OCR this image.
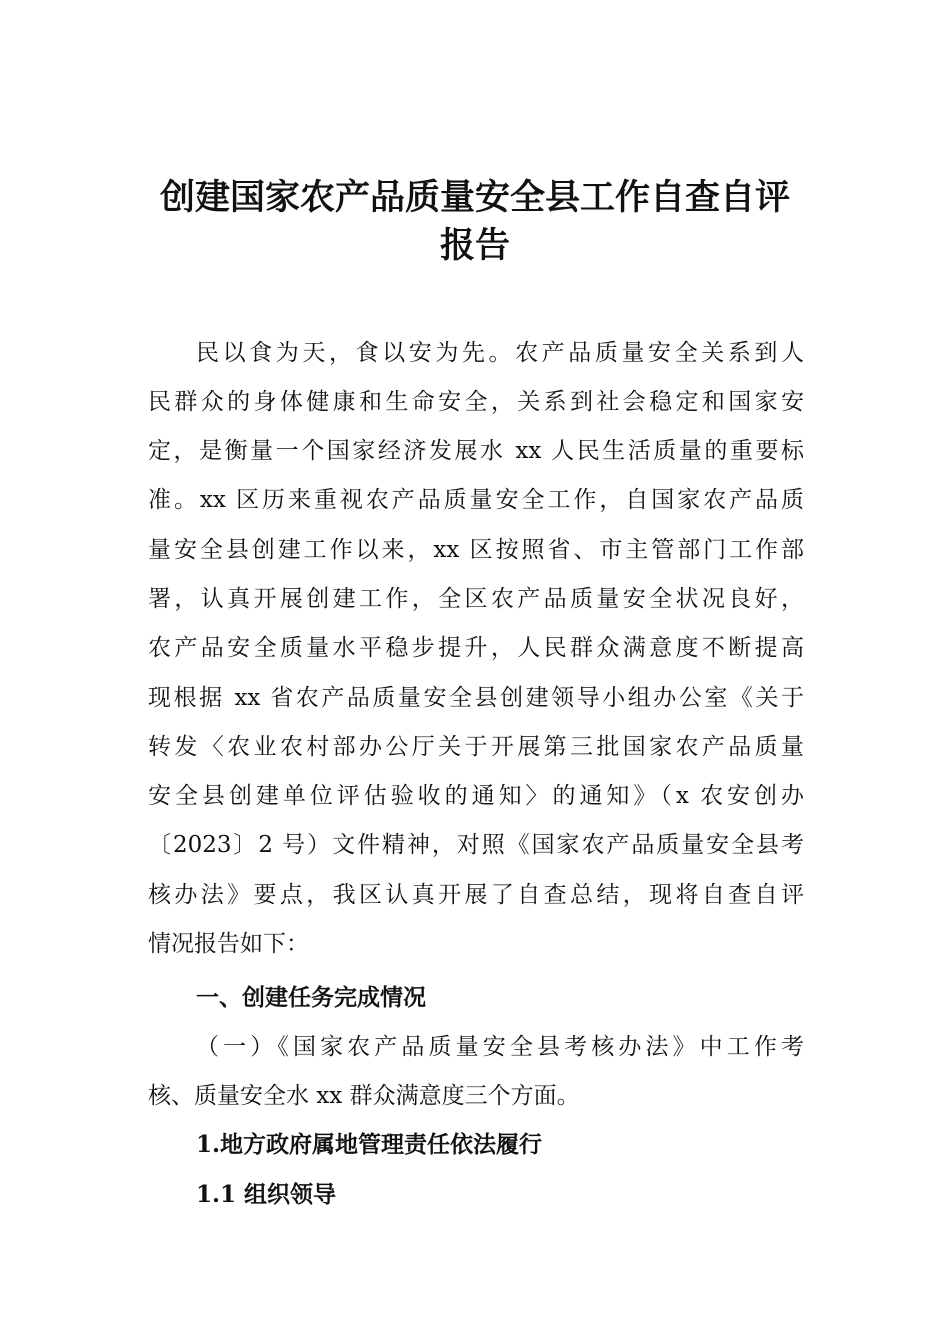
创建国家农产品质量安全县工作自查自评
报告

民以食为天，食以安为先。农产品质量安全关系到人

民群众的身体健康和生命安全，关系到社会稳定和国家安

定，是衡量一个国家经济发展水 xx 人民生活质量的重要标

准。xx 区历来重视农产品质量安全工作，自国家农产品质

量安全县创建工作以来，xx 区按照省、市主管部门工作部

署，认真开展创建工作，全区农产品质量安全状况良好，

农产品安全质量水平稳步提升，人民群众满意度不断提高

现根据 xx 省农产品质量安全县创建领导小组办公室《关于

转发〈农业农村部办公厅关于开展第三批国家农产品质量

安全县创建单位评估验收的通知〉的通知》（x 农安创办

〔2023〕2 号）文件精神，对照《国家农产品质量安全县考

核办法》要点，我区认真开展了自查总结，现将自查自评

情况报告如下：

一、创建任务完成情况

（一）《国家农产品质量安全县考核办法》中工作考

核、质量安全水 xx 群众满意度三个方面。

1.地方政府属地管理责任依法履行
1.1 组织领导
